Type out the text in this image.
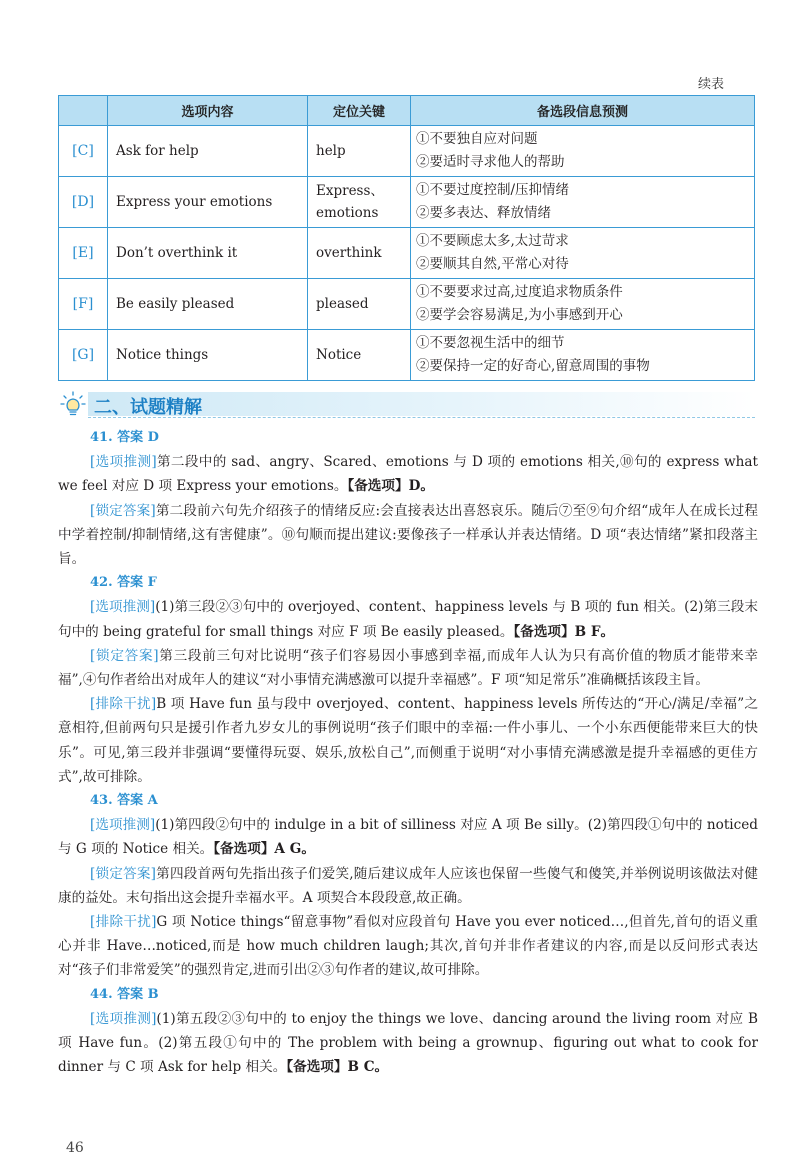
续表
	选项内容	定位关键	备选段信息预测
[C]	Ask for help	help	①不要独自应对问题
②要适时寻求他人的帮助

[D]	Express your emotions	Express、 emotions	①不要过度控制/压抑情绪
②要多表达、释放情绪

[E]	Don’t overthink it	overthink	①不要顾虑太多,太过苛求
②要顺其自然,平常心对待

[F]	Be easily pleased	pleased	①不要要求过高,过度追求物质条件
②要学会容易满足,为小事感到开心

[G]	Notice things	Notice	①不要忽视生活中的细节
②要保持一定的好奇心,留意周围的事物
二、试题精解

41. 答案 D

[选项推测]第二段中的 sad、angry、Scared、emotions 与 D 项的 emotions 相关,⑩句的 express what we feel 对应 D 项 Express your emotions。【备选项】D。

[锁定答案]第二段前六句先介绍孩子的情绪反应:会直接表达出喜怒哀乐。随后⑦至⑨句介绍“成年人在成长过程中学着控制/抑制情绪,这有害健康”。⑩句顺而提出建议:要像孩子一样承认并表达情绪。D 项“表达情绪”紧扣段落主旨。

42. 答案 F

[选项推测](1)第三段②③句中的 overjoyed、content、happiness levels 与 B 项的 fun 相关。(2)第三段末句中的 being grateful for small things 对应 F 项 Be easily pleased。【备选项】B F。

[锁定答案]第三段前三句对比说明“孩子们容易因小事感到幸福,而成年人认为只有高价值的物质才能带来幸福”,④句作者给出对成年人的建议“对小事情充满感激可以提升幸福感”。F 项“知足常乐”准确概括该段主旨。

[排除干扰]B 项 Have fun 虽与段中 overjoyed、content、happiness levels 所传达的“开心/满足/幸福”之意相符,但前两句只是援引作者九岁女儿的事例说明“孩子们眼中的幸福:一件小事儿、一个小东西便能带来巨大的快乐”。可见,第三段并非强调“要懂得玩耍、娱乐,放松自己”,而侧重于说明“对小事情充满感激是提升幸福感的更佳方式”,故可排除。

43. 答案 A

[选项推测](1)第四段②句中的 indulge in a bit of silliness 对应 A 项 Be silly。(2)第四段①句中的 noticed 与 G 项的 Notice 相关。【备选项】A G。

[锁定答案]第四段首两句先指出孩子们爱笑,随后建议成年人应该也保留一些傻气和傻笑,并举例说明该做法对健康的益处。末句指出这会提升幸福水平。A 项契合本段段意,故正确。

[排除干扰]G 项 Notice things“留意事物”看似对应段首句 Have you ever noticed…,但首先,首句的语义重心并非 Have…noticed,而是 how much children laugh;其次,首句并非作者建议的内容,而是以反问形式表达对“孩子们非常爱笑”的强烈肯定,进而引出②③句作者的建议,故可排除。

44. 答案 B

[选项推测](1)第五段②③句中的 to enjoy the things we love、dancing around the living room 对应 B 项 Have fun。(2)第五段①句中的 The problem with being a grownup、figuring out what to cook for dinner 与 C 项 Ask for help 相关。【备选项】B C。

46
